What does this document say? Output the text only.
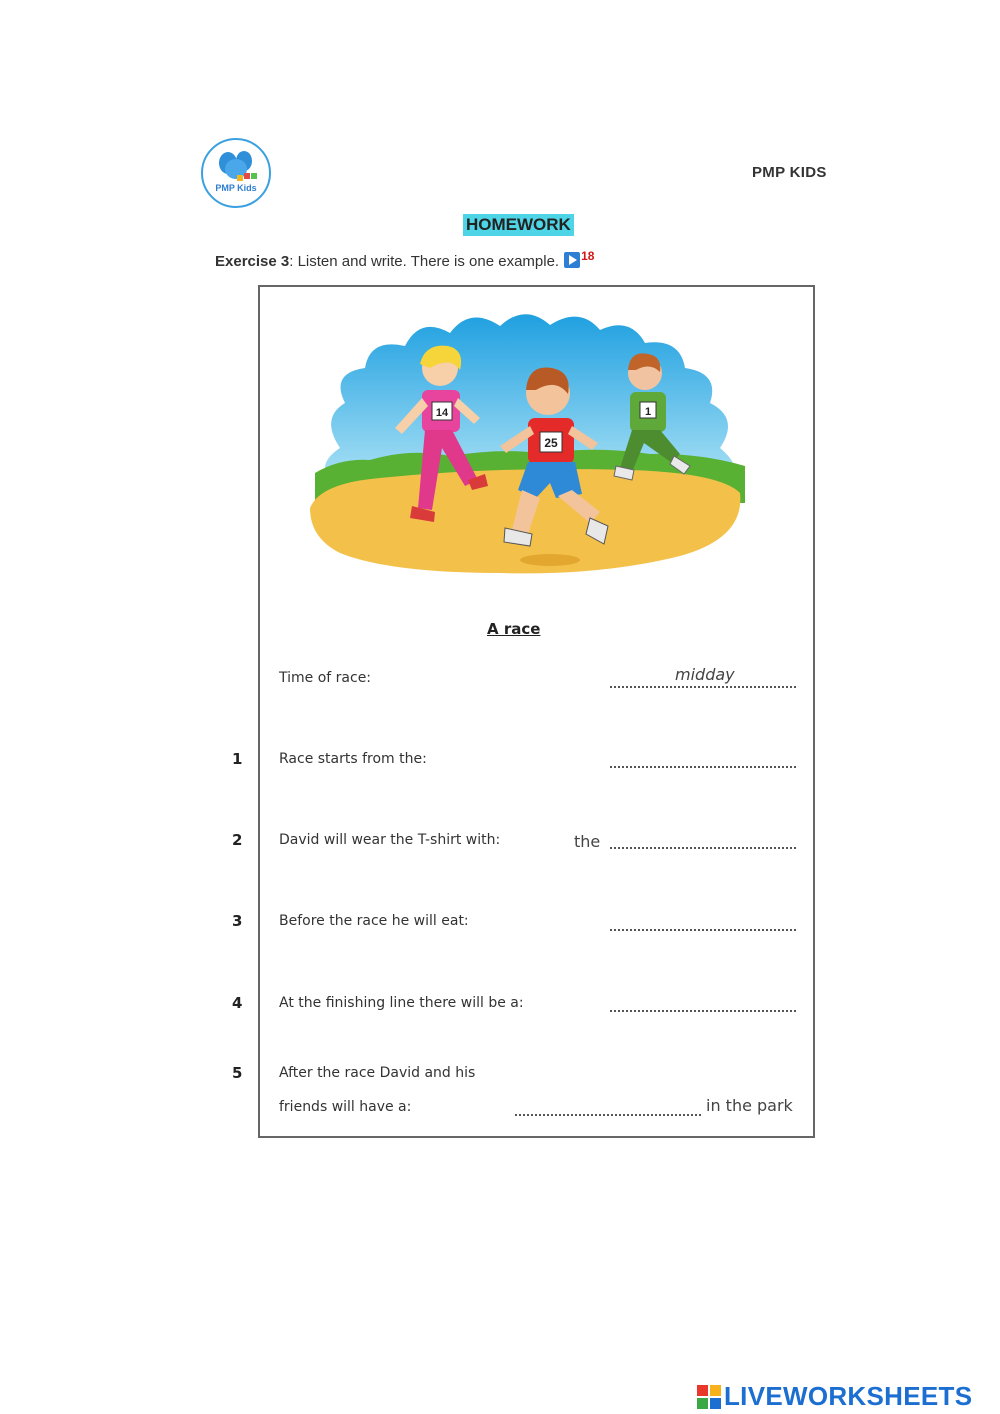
PMP Kids
PMP KIDS
HOMEWORK
Exercise 3: Listen and write. There is one example. $^{18}$
14	1
25
A race
Time of race:	midday
1	Race starts from the:
2	David will wear the T-shirt with:	the
3	Before the race he will eat:
4	At the finishing line there will be a:
5	After the race David and his
friends will have a:	in the park
LIVEWORKSHEETS
